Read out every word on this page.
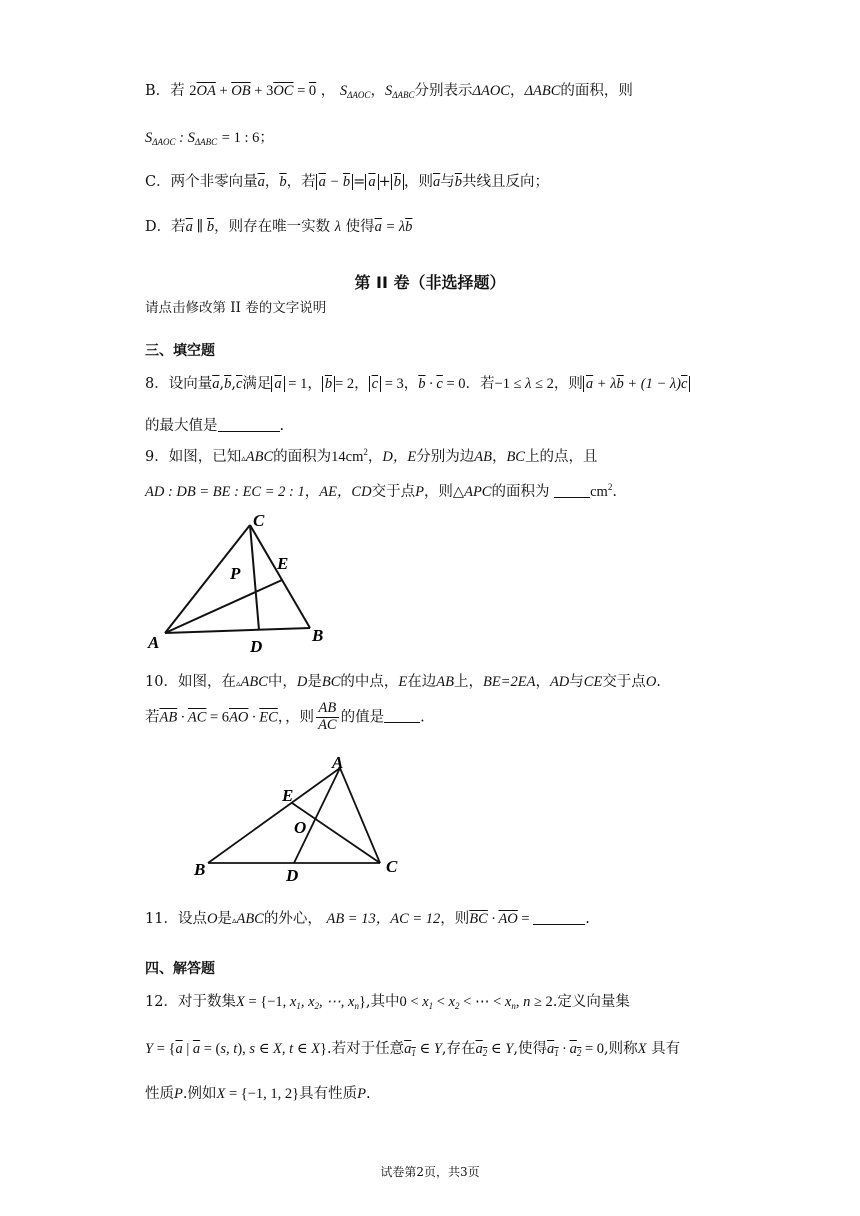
B．若 $2\overline{OA} + \overline{OB} + 3\overline{OC} = 0$ ， $S_{\Delta AOC}$，$S_{\Delta ABC}$分别表示ΔAOC，ΔABC的面积，则
$S_{\Delta AOC}$ : $S_{\Delta ABC} = 1$ : 6；
C．两个非零向量$\overline{a}$，$\overline{b}$，若 $\overline{a} - \overline{b} = \overline{a} + \overline{b}$ ，则$\overline{a}$与$\overline{b}$共线且反向；
D．若$\overline{a}$ ∥ $\overline{b}$，则存在唯一实数 λ 使得$\overline{a} = \lambda\overline{b}$
第 II 卷（非选择题）
请点击修改第 II 卷的文字说明
三、填空题
8．设向量$\overline{a},\overline{b},\overline{c}$满足 $\overline{a} = 1$， $\overline{b} = 2$， $\overline{c} = 3$，$\overline{b} \cdot \overline{c} = 0$．若−1 ≤ λ ≤ 2，则 $\overline{a} + \lambda\overline{b} + (1 - \lambda)\overline{c}$
的最大值是	.
9．如图，已知▵ABC的面积为$14cm^2$，D，E分别为边AB，BC上的点，且
AD : DB = BE : EC = 2 : 1，AE，CD交于点P，则△APC的面积为	$cm^2$.
C
E
P
A	D
B
10．如图，在▵ABC中，D是BC的中点，E在边AB上，BE=2EA，AD与CE交于点O.
若$\overline{AB} \cdot \overline{AC} = 6\overline{AO} \cdot \overline{EC}$，，则 $\frac{AB}{AC}$ 的值是 .
A
E
O
B	D	C
11．设点O是▵ABC的外心， AB = 13，AC = 12，则$\overline{BC} \cdot \overline{AO}$ =	.
四、解答题
12．对于数集X = {−1, $x_1$, $x_2$, ⋯, $x_n$},其中$0 < x_1 < x_2$ < ⋯ < $x_n$, n ≥ 2.定义向量集
$Y = \{\overline{a}$ | $\overline{a} = (s$, t), s ∈ X, t ∈ X}.若对于任意$a_1$ ∈ Y,存在$a_2$ ∈ Y,使得$a_1 \cdot a_2 = 0$,则称X 具有
性质P.例如X = {−1, 1, 2}具有性质P.
试卷第2页，共3页
